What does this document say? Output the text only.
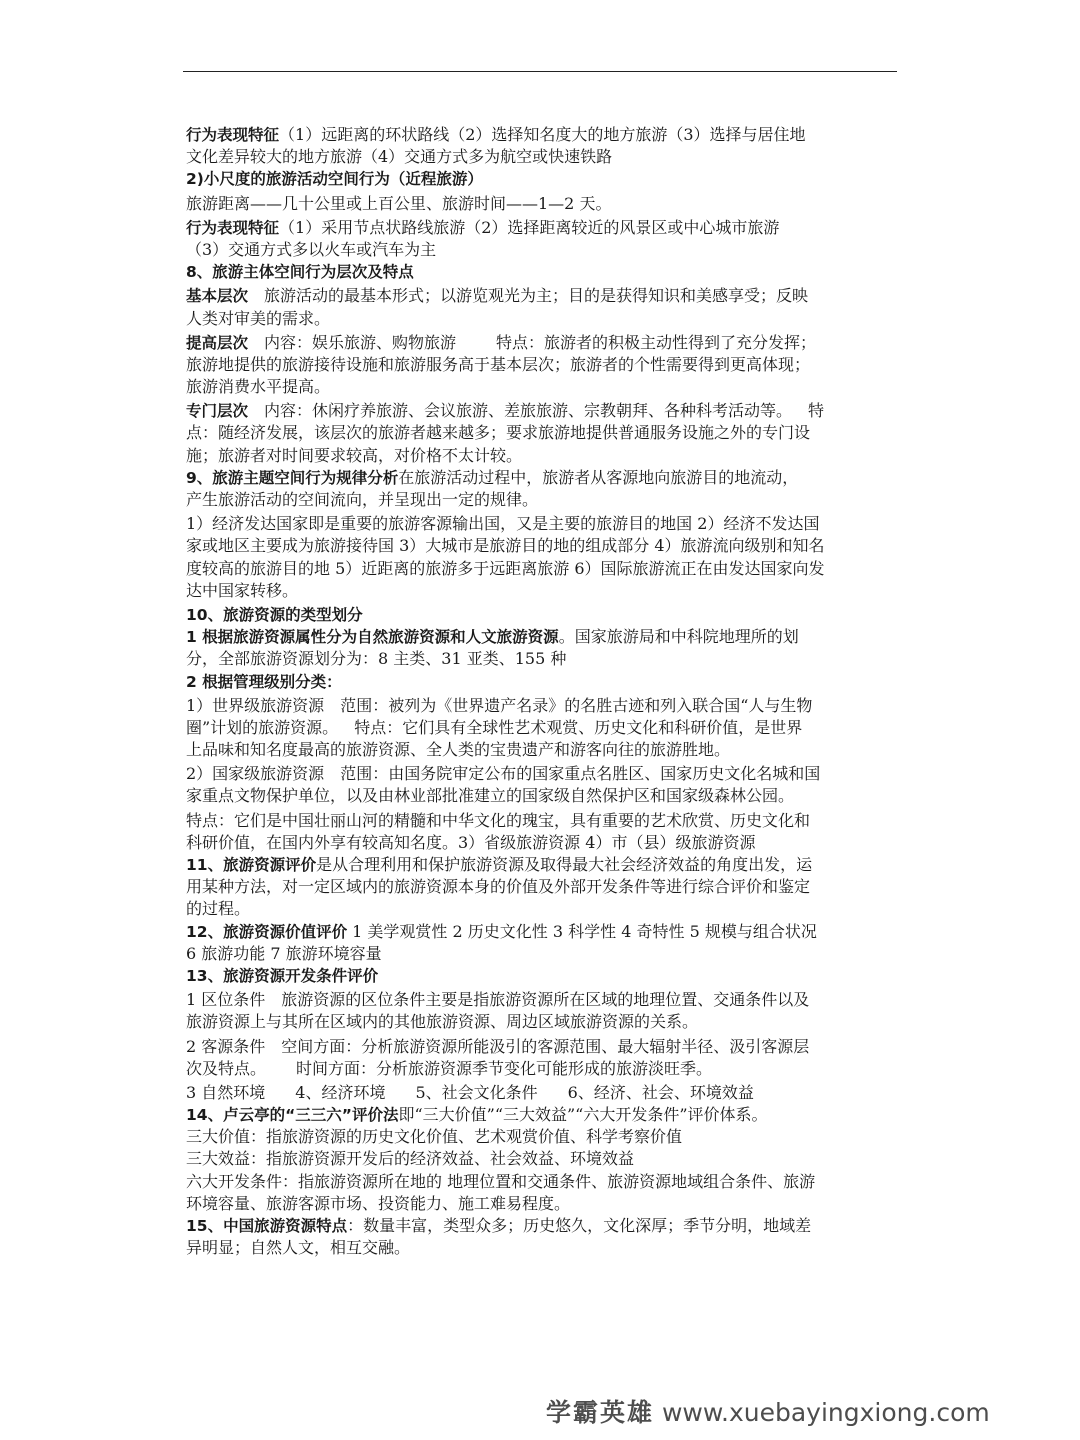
行为表现特征（1）远距离的环状路线（2）选择知名度大的地方旅游（3）选择与居住地
文化差异较大的地方旅游（4）交通方式多为航空或快速铁路
2)小尺度的旅游活动空间行为（近程旅游）
旅游距离——几十公里或上百公里、旅游时间——1—2 天。
行为表现特征（1）采用节点状路线旅游（2）选择距离较近的风景区或中心城市旅游
（3）交通方式多以火车或汽车为主
8、旅游主体空间行为层次及特点
基本层次 旅游活动的最基本形式；以游览观光为主；目的是获得知识和美感享受；反映
人类对审美的需求。
提高层次 内容：娱乐旅游、购物旅游	特点：旅游者的积极主动性得到了充分发挥；
旅游地提供的旅游接待设施和旅游服务高于基本层次；旅游者的个性需要得到更高体现；
旅游消费水平提高。
专门层次 内容：休闲疗养旅游、会议旅游、差旅旅游、宗教朝拜、各种科考活动等。 特
点：随经济发展，该层次的旅游者越来越多；要求旅游地提供普通服务设施之外的专门设
施；旅游者对时间要求较高，对价格不太计较。
9、旅游主题空间行为规律分析在旅游活动过程中，旅游者从客源地向旅游目的地流动，
产生旅游活动的空间流向，并呈现出一定的规律。
1）经济发达国家即是重要的旅游客源输出国，又是主要的旅游目的地国 2）经济不发达国
家或地区主要成为旅游接待国 3）大城市是旅游目的地的组成部分 4）旅游流向级别和知名
度较高的旅游目的地 5）近距离的旅游多于远距离旅游 6）国际旅游流正在由发达国家向发
达中国家转移。
10、旅游资源的类型划分
1 根据旅游资源属性分为自然旅游资源和人文旅游资源。国家旅游局和中科院地理所的划
分，全部旅游资源划分为：8 主类、31 亚类、155 种
2 根据管理级别分类：
1）世界级旅游资源 范围：被列为《世界遗产名录》的名胜古迹和列入联合国“人与生物
圈”计划的旅游资源。 特点：它们具有全球性艺术观赏、历史文化和科研价值，是世界
上品味和知名度最高的旅游资源、全人类的宝贵遗产和游客向往的旅游胜地。
2）国家级旅游资源 范围：由国务院审定公布的国家重点名胜区、国家历史文化名城和国
家重点文物保护单位，以及由林业部批准建立的国家级自然保护区和国家级森林公园。
特点：它们是中国壮丽山河的精髓和中华文化的瑰宝，具有重要的艺术欣赏、历史文化和
科研价值，在国内外享有较高知名度。3）省级旅游资源 4）市（县）级旅游资源
11、旅游资源评价是从合理利用和保护旅游资源及取得最大社会经济效益的角度出发，运
用某种方法，对一定区域内的旅游资源本身的价值及外部开发条件等进行综合评价和鉴定
的过程。
12、旅游资源价值评价 1 美学观赏性 2 历史文化性 3 科学性 4 奇特性 5 规模与组合状况
6 旅游功能 7 旅游环境容量
13、旅游资源开发条件评价
1 区位条件 旅游资源的区位条件主要是指旅游资源所在区域的地理位置、交通条件以及
旅游资源上与其所在区域内的其他旅游资源、周边区域旅游资源的关系。
2 客源条件 空间方面：分析旅游资源所能汲引的客源范围、最大辐射半径、汲引客源层
次及特点。 时间方面：分析旅游资源季节变化可能形成的旅游淡旺季。
3 自然环境 4、经济环境 5、社会文化条件 6、经济、社会、环境效益
14、卢云亭的“三三六”评价法即“三大价值”“三大效益”“六大开发条件”评价体系。
三大价值：指旅游资源的历史文化价值、艺术观赏价值、科学考察价值
三大效益：指旅游资源开发后的经济效益、社会效益、环境效益
六大开发条件：指旅游资源所在地的 地理位置和交通条件、旅游资源地域组合条件、旅游
环境容量、旅游客源市场、投资能力、施工难易程度。
15、中国旅游资源特点：数量丰富，类型众多；历史悠久，文化深厚；季节分明，地域差
异明显；自然人文，相互交融。
学霸英雄 www.xuebayingxiong.com
